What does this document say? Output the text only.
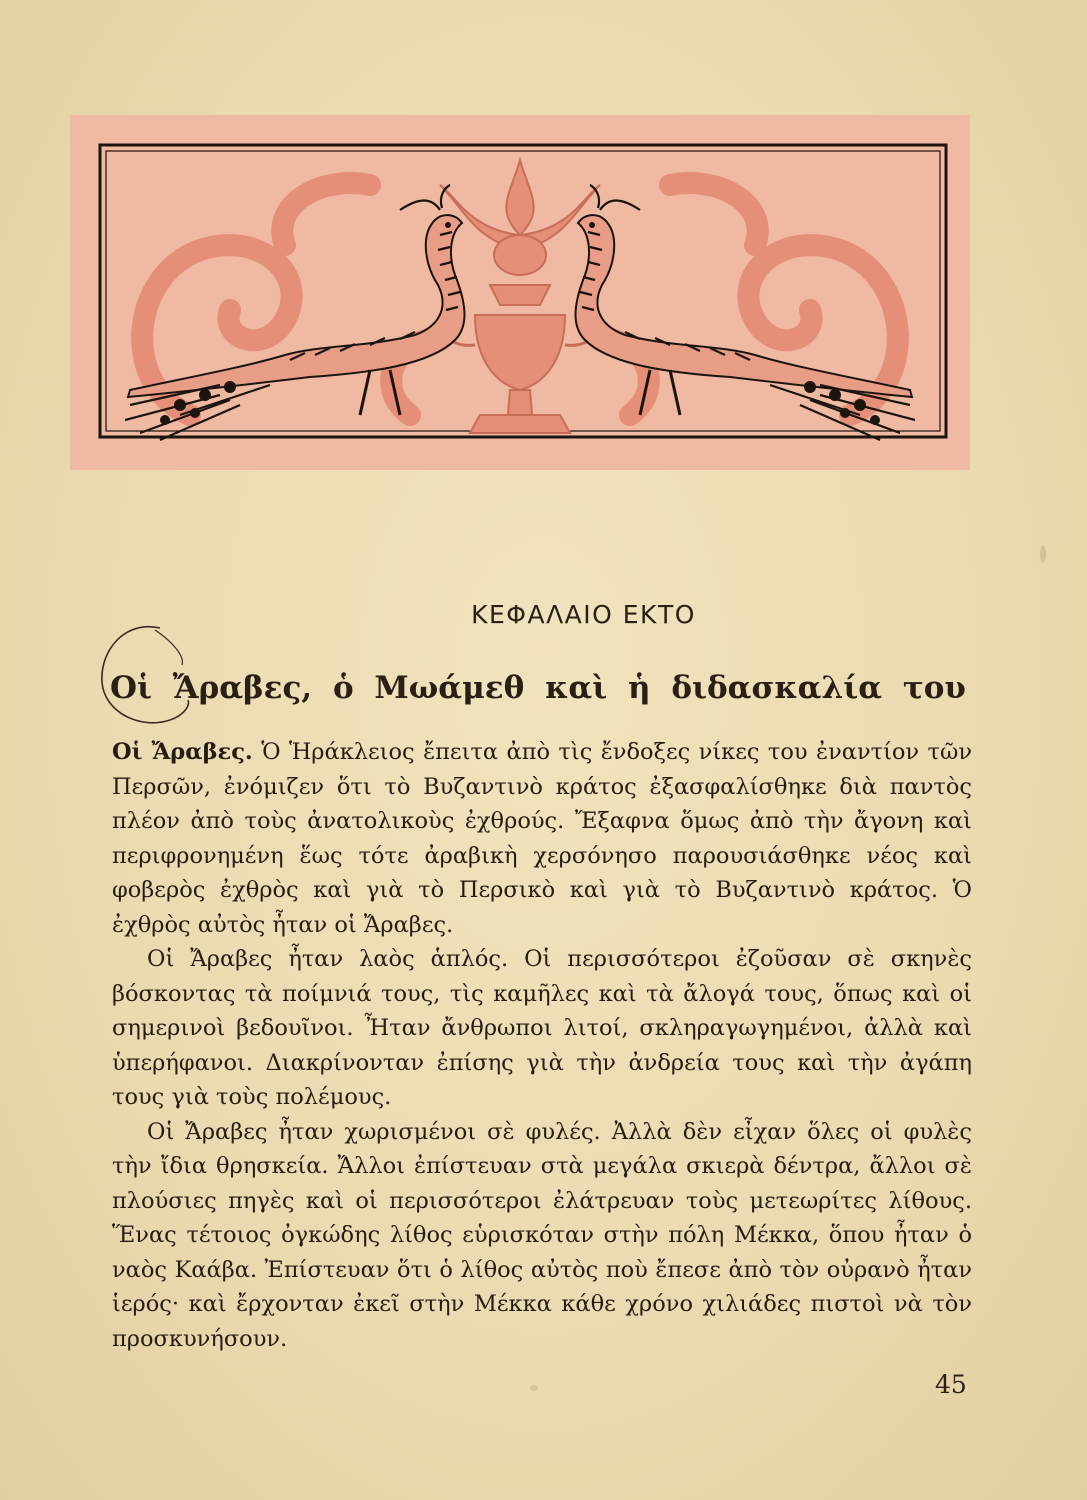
ΚΕΦΑΛΑΙΟ ΕΚΤΟ
Οἱ Ἄραβες, ὁ Μωάμεθ καὶ ἡ διδασκαλία του

Οἱ Ἄραβες. Ὁ Ἡράκλειος ἔπειτα ἀπὸ τὶς ἔνδοξες νίκες του ἐναντίον τῶν Περσῶν, ἐνόμιζεν ὅτι τὸ Βυζαντινὸ κράτος ἐξασφαλίσθηκε διὰ παντὸς πλέον ἀπὸ τοὺς ἀνατολικοὺς ἐχθρούς. Ἔξαφνα ὅμως ἀπὸ τὴν ἄγονη καὶ περιφρονημένη ἕως τότε ἀραβικὴ χερσόνησο παρουσιάσθηκε νέος καὶ φοβερὸς ἐχθρὸς καὶ γιὰ τὸ Περσικὸ καὶ γιὰ τὸ Βυζαντινὸ κράτος. Ὁ ἐχθρὸς αὐτὸς ἦταν οἱ Ἄραβες.

Οἱ Ἄραβες ἦταν λαὸς ἁπλός. Οἱ περισσότεροι ἐζοῦσαν σὲ σκηνὲς βόσκοντας τὰ ποίμνιά τους, τὶς καμῆλες καὶ τὰ ἄλογά τους, ὅπως καὶ οἱ σημερινοὶ βεδουῖνοι. Ἦταν ἄνθρωποι λιτοί, σκληραγωγημένοι, ἀλλὰ καὶ ὑπερήφανοι. Διακρίνονταν ἐπίσης γιὰ τὴν ἀνδρεία τους καὶ τὴν ἀγάπη τους γιὰ τοὺς πολέμους.

Οἱ Ἄραβες ἦταν χωρισμένοι σὲ φυλές. Ἀλλὰ δὲν εἶχαν ὅλες οἱ φυλὲς τὴν ἴδια θρησκεία. Ἄλλοι ἐπίστευαν στὰ μεγάλα σκιερὰ δέντρα, ἄλλοι σὲ πλούσιες πηγὲς καὶ οἱ περισσότεροι ἐλάτρευαν τοὺς μετεωρίτες λίθους. Ἕνας τέτοιος ὀγκώδης λίθος εὑρισκόταν στὴν πόλη Μέκκα, ὅπου ἦταν ὁ ναὸς Καάβα. Ἐπίστευαν ὅτι ὁ λίθος αὐτὸς ποὺ ἔπεσε ἀπὸ τὸν οὐρανὸ ἦταν ἱερός· καὶ ἔρχονταν ἐκεῖ στὴν Μέκκα κάθε χρόνο χιλιάδες πιστοὶ νὰ τὸν προσκυνήσουν.

45
